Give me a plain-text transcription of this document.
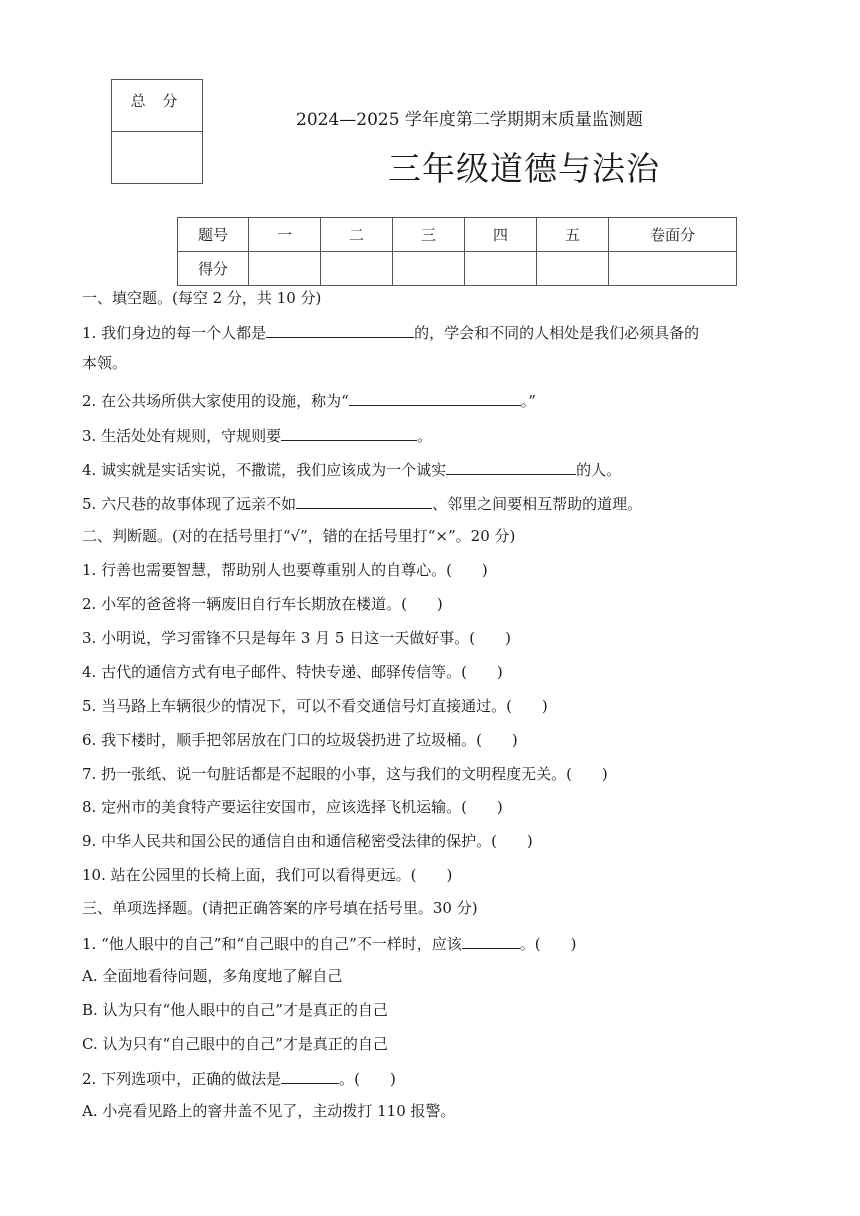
总 分

2024—2025 学年度第二学期期末质量监测题
三年级道德与法治
题号	一	二	三	四	五	卷面分
得分						
一、填空题。(每空 2 分，共 10 分)
1. 我们身边的每一个人都是	的，学会和不同的人相处是我们必须具备的
本领。
2. 在公共场所供大家使用的设施，称为“	。”
3. 生活处处有规则，守规则要	。
4. 诚实就是实话实说，不撒谎，我们应该成为一个诚实	的人。
5. 六尺巷的故事体现了远亲不如	、邻里之间要相互帮助的道理。
二、判断题。(对的在括号里打“√”，错的在括号里打“×”。20 分)
1. 行善也需要智慧，帮助别人也要尊重别人的自尊心。(　　)
2. 小军的爸爸将一辆废旧自行车长期放在楼道。(　　)
3. 小明说，学习雷锋不只是每年 3 月 5 日这一天做好事。(　　)
4. 古代的通信方式有电子邮件、特快专递、邮驿传信等。(　　)
5. 当马路上车辆很少的情况下，可以不看交通信号灯直接通过。(　　)
6. 我下楼时，顺手把邻居放在门口的垃圾袋扔进了垃圾桶。(　　)
7. 扔一张纸、说一句脏话都是不起眼的小事，这与我们的文明程度无关。(　　)
8. 定州市的美食特产要运往安国市，应该选择飞机运输。(　　)
9. 中华人民共和国公民的通信自由和通信秘密受法律的保护。(　　)
10. 站在公园里的长椅上面，我们可以看得更远。(　　)
三、单项选择题。(请把正确答案的序号填在括号里。30 分)
1. “他人眼中的自己”和“自己眼中的自己”不一样时，应该	。(　　)
A. 全面地看待问题，多角度地了解自己
B. 认为只有“他人眼中的自己”才是真正的自己
C. 认为只有“自己眼中的自己”才是真正的自己
2. 下列选项中，正确的做法是	。(　　)
A. 小亮看见路上的窨井盖不见了，主动拨打 110 报警。
